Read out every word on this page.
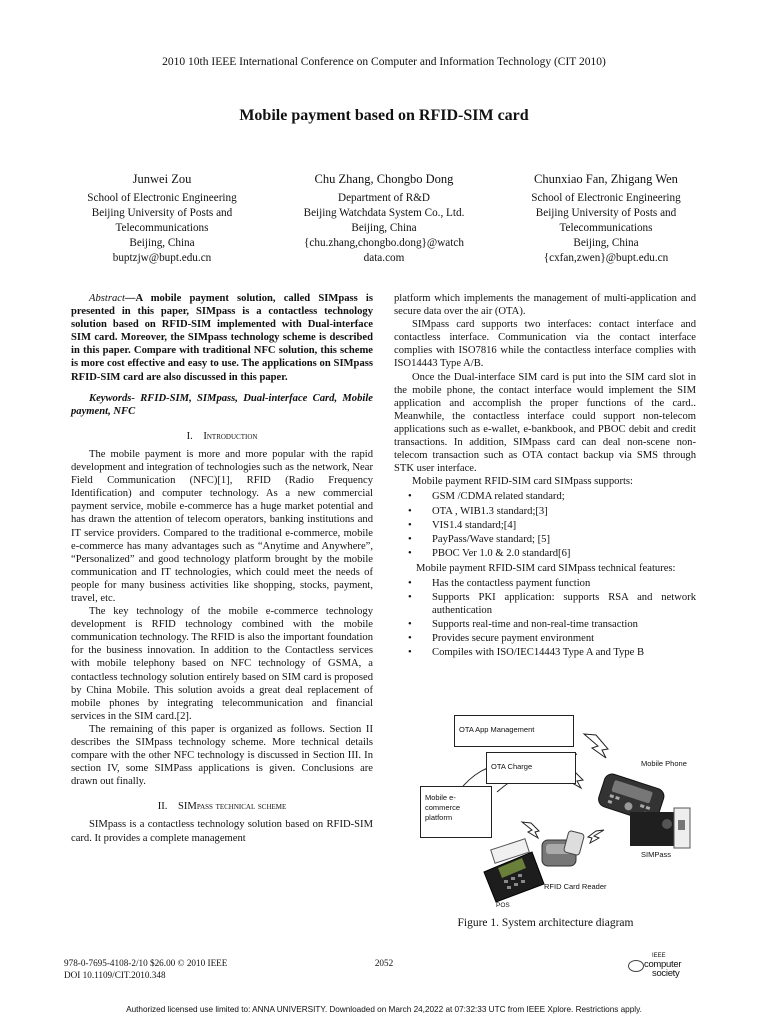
2010 10th IEEE International Conference on Computer and Information Technology (CIT 2010)
Mobile payment based on RFID-SIM card
Junwei Zou
School of Electronic Engineering
Beijing University of Posts and
Telecommunications
Beijing, China
buptzjw@bupt.edu.cn
Chu Zhang, Chongbo Dong
Department of R&D
Beijing Watchdata System Co., Ltd.
Beijing, China
{chu.zhang,chongbo.dong}@watch
data.com
Chunxiao Fan, Zhigang Wen
School of Electronic Engineering
Beijing University of Posts and
Telecommunications
Beijing, China
{cxfan,zwen}@bupt.edu.cn

Abstract—A mobile payment solution, called SIMpass is presented in this paper, SIMpass is a contactless technology solution based on RFID-SIM implemented with Dual-interface SIM card. Moreover, the SIMpass technology scheme is described in this paper. Compare with traditional NFC solution, this scheme is more cost effective and easy to use. The applications on SIMpass RFID-SIM card are also discussed in this paper.

Keywords- RFID-SIM, SIMpass, Dual-interface Card, Mobile payment, NFC

I. Introduction

The mobile payment is more and more popular with the rapid development and integration of technologies such as the network, Near Field Communication (NFC)[1], RFID (Radio Frequency Identification) and computer technology. As a new commercial payment service, mobile e-commerce has a huge market potential and has drawn the attention of telecom operators, banking institutions and IT service providers. Compared to the traditional e-commerce, mobile e-commerce has many advantages such as “Anytime and Anywhere”, “Personalized” and good technology platform brought by the mobile communication and IT technologies, which could meet the needs of people for many business activities like shopping, stocks, payment, travel, etc.

The key technology of the mobile e-commerce technology development is RFID technology combined with the mobile communication technology. The RFID is also the important foundation for the business innovation. In addition to the Contactless services with mobile telephony based on NFC technology of GSMA, a contactless technology solution entirely based on SIM card is proposed by China Mobile. This solution avoids a great deal replacement of mobile phones by integrating telecommunication and financial services in the SIM card.[2].

The remaining of this paper is organized as follows. Section II describes the SIMpass technology scheme. More technical details compare with the other NFC technology is discussed in Section III. In section IV, some SIMPass applications is given. Conclusions are drawn out finally.

II. SIMpass technical scheme

SIMpass is a contactless technology solution based on RFID-SIM card. It provides a complete management

platform which implements the management of multi-application and secure data over the air (OTA).

SIMpass card supports two interfaces: contact interface and contactless interface. Communication via the contact interface complies with ISO7816 while the contactless interface complies with ISO14443 Type A/B.

Once the Dual-interface SIM card is put into the SIM card slot in the mobile phone, the contact interface would implement the SIM application and accomplish the proper functions of the card.. Meanwhile, the contactless interface could support non-telecom applications such as e-wallet, e-bankbook, and PBOC debit and credit transactions. In addition, SIMpass card can deal non-scene non-telecom transaction such as OTA contact backup via SMS through STK user interface.

Mobile payment RFID-SIM card SIMpass supports:

• GSM /CDMA related standard;
• OTA , WIB1.3 standard;[3]
• VIS1.4 standard;[4]
• PayPass/Wave standard; [5]
• PBOC Ver 1.0 & 2.0 standard[6]

Mobile payment RFID-SIM card SIMpass technical features:

• Has the contactless payment function
• Supports PKI application: supports RSA and network authentication
• Supports real-time and non-real-time transaction
• Provides secure payment environment
• Compiles with ISO/IEC14443 Type A and Type B
OTA App Management
OTA Charge
Mobile e-commerce platform
Mobile Phone
SIMPass
RFID Card Reader
POS
Figure 1. System architecture diagram
978-0-7695-4108-2/10 $26.00 © 2010 IEEE
DOI 10.1109/CIT.2010.348
2052
IEEE
computer
society
Authorized licensed use limited to: ANNA UNIVERSITY. Downloaded on March 24,2022 at 07:32:33 UTC from IEEE Xplore. Restrictions apply.
